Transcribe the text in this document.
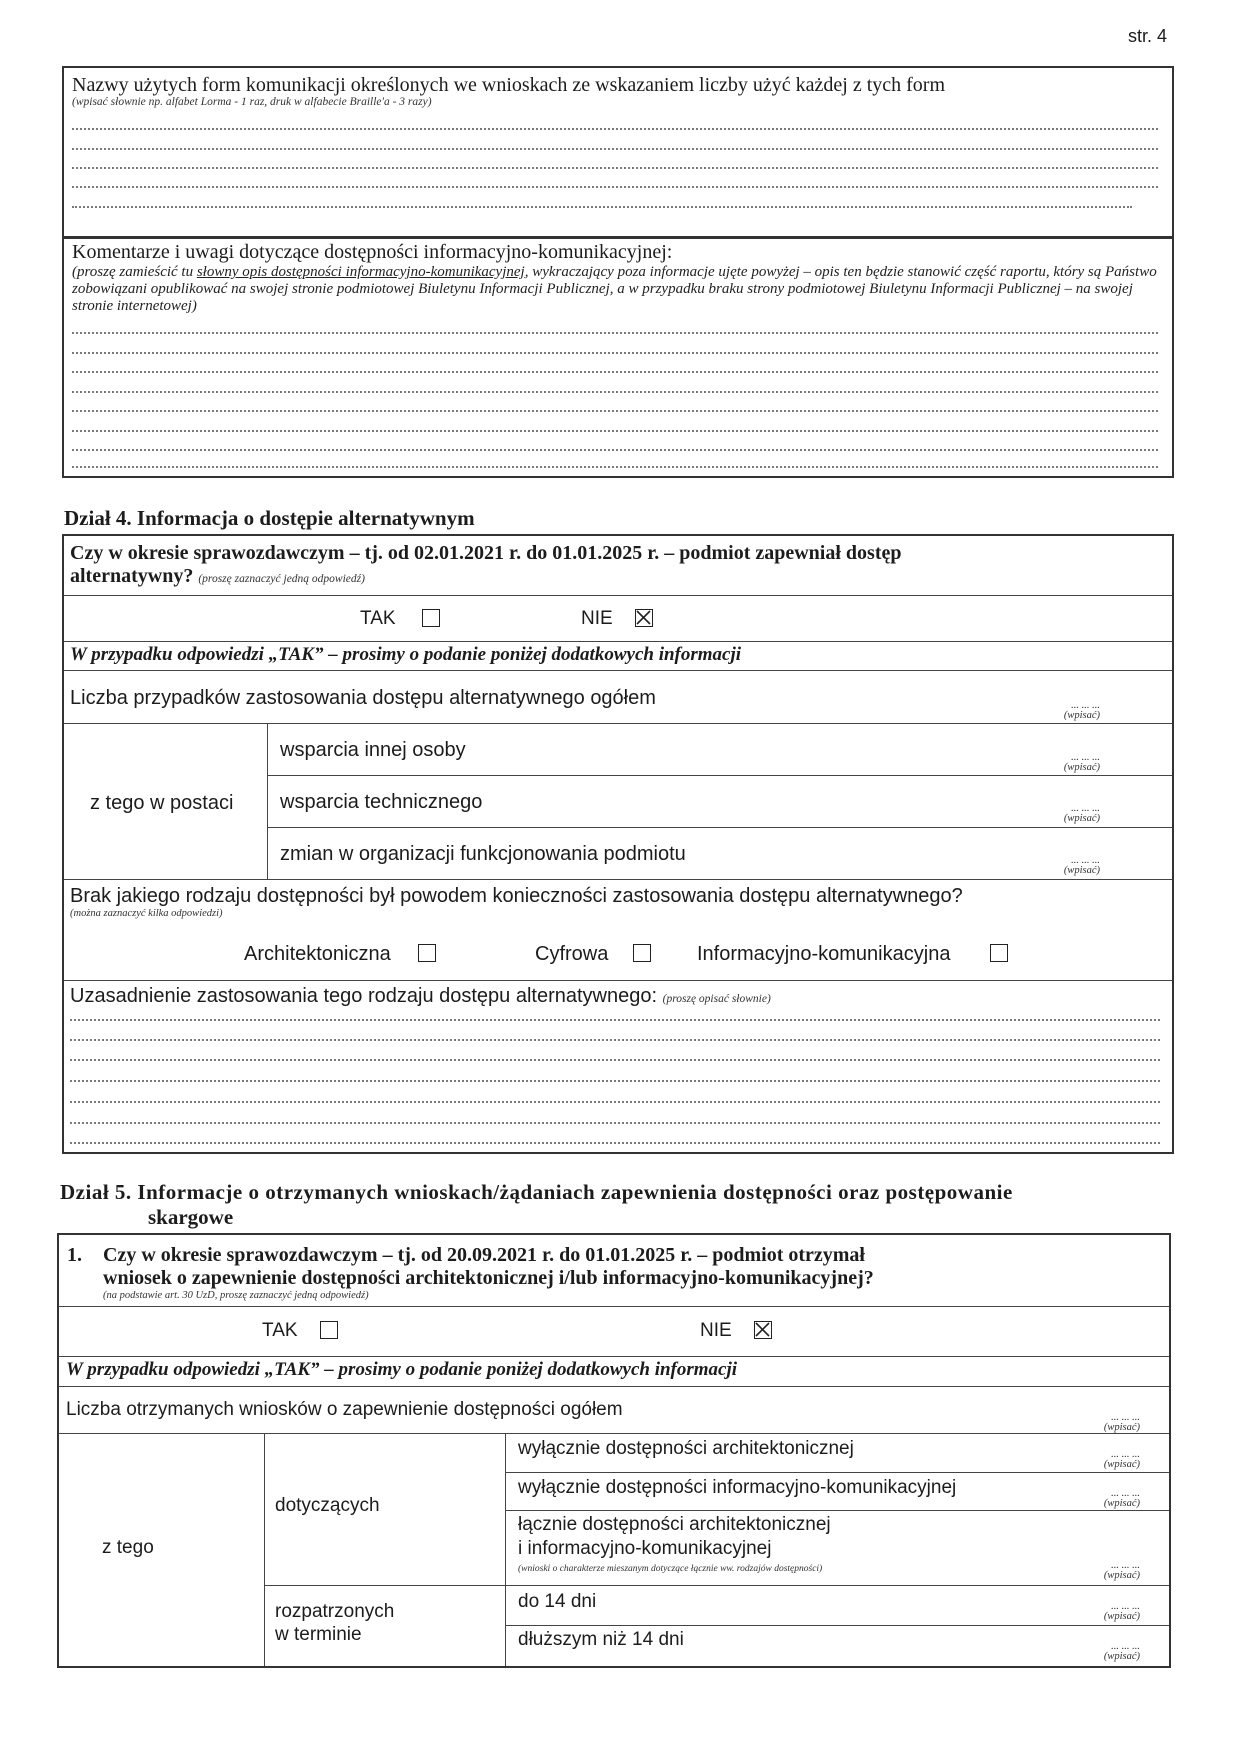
str. 4
Nazwy użytych form komunikacji określonych we wnioskach ze wskazaniem liczby użyć każdej z tych form
(wpisać słownie np. alfabet Lorma - 1 raz, druk w alfabecie Braille'a - 3 razy)
Komentarze i uwagi dotyczące dostępności informacyjno-komunikacyjnej:
(proszę zamieścić tu słowny opis dostępności informacyjno-komunikacyjnej, wykraczający poza informacje ujęte powyżej – opis ten będzie stanowić część raportu, który są Państwo zobowiązani opublikować na swojej stronie podmiotowej Biuletynu Informacji Publicznej, a w przypadku braku strony podmiotowej Biuletynu Informacji Publicznej – na swojej stronie internetowej)
Dział 4. Informacja o dostępie alternatywnym
Czy w okresie sprawozdawczym – tj. od 02.01.2021 r. do 01.01.2025 r. – podmiot zapewniał dostęp
alternatywny? (proszę zaznaczyć jedną odpowiedź)
TAK	NIE
W przypadku odpowiedzi „TAK” – prosimy o podanie poniżej dodatkowych informacji
Liczba przypadków zastosowania dostępu alternatywnego ogółem	... ... ...
(wpisać)
z tego w postaci
wsparcia innej osoby	... ... ...
(wpisać)
wsparcia technicznego	... ... ...
(wpisać)
zmian w organizacji funkcjonowania podmiotu	... ... ...
(wpisać)
Brak jakiego rodzaju dostępności był powodem konieczności zastosowania dostępu alternatywnego?
(można zaznaczyć kilka odpowiedzi)
Architektoniczna	Cyfrowa	Informacyjno-komunikacyjna
Uzasadnienie zastosowania tego rodzaju dostępu alternatywnego: (proszę opisać słownie)
Dział 5. Informacje o otrzymanych wnioskach/żądaniach zapewnienia dostępności oraz postępowanie
skargowe
1. Czy w okresie sprawozdawczym – tj. od 20.09.2021 r. do 01.01.2025 r. – podmiot otrzymał
wniosek o zapewnienie dostępności architektonicznej i/lub informacyjno-komunikacyjnej?
(na podstawie art. 30 UzD, proszę zaznaczyć jedną odpowiedź)
TAK	NIE
W przypadku odpowiedzi „TAK” – prosimy o podanie poniżej dodatkowych informacji
Liczba otrzymanych wniosków o zapewnienie dostępności ogółem	... ... ...
(wpisać)
z tego
dotyczących
wyłącznie dostępności architektonicznej	... ... ...
(wpisać)
wyłącznie dostępności informacyjno-komunikacyjnej	... ... ...
(wpisać)
łącznie dostępności architektonicznej
i informacyjno-komunikacyjnej
(wnioski o charakterze mieszanym dotyczące łącznie ww. rodzajów dostępności)	... ... ...
(wpisać)
rozpatrzonych
w terminie
do 14 dni	... ... ...
(wpisać)
dłuższym niż 14 dni	... ... ...
(wpisać)
